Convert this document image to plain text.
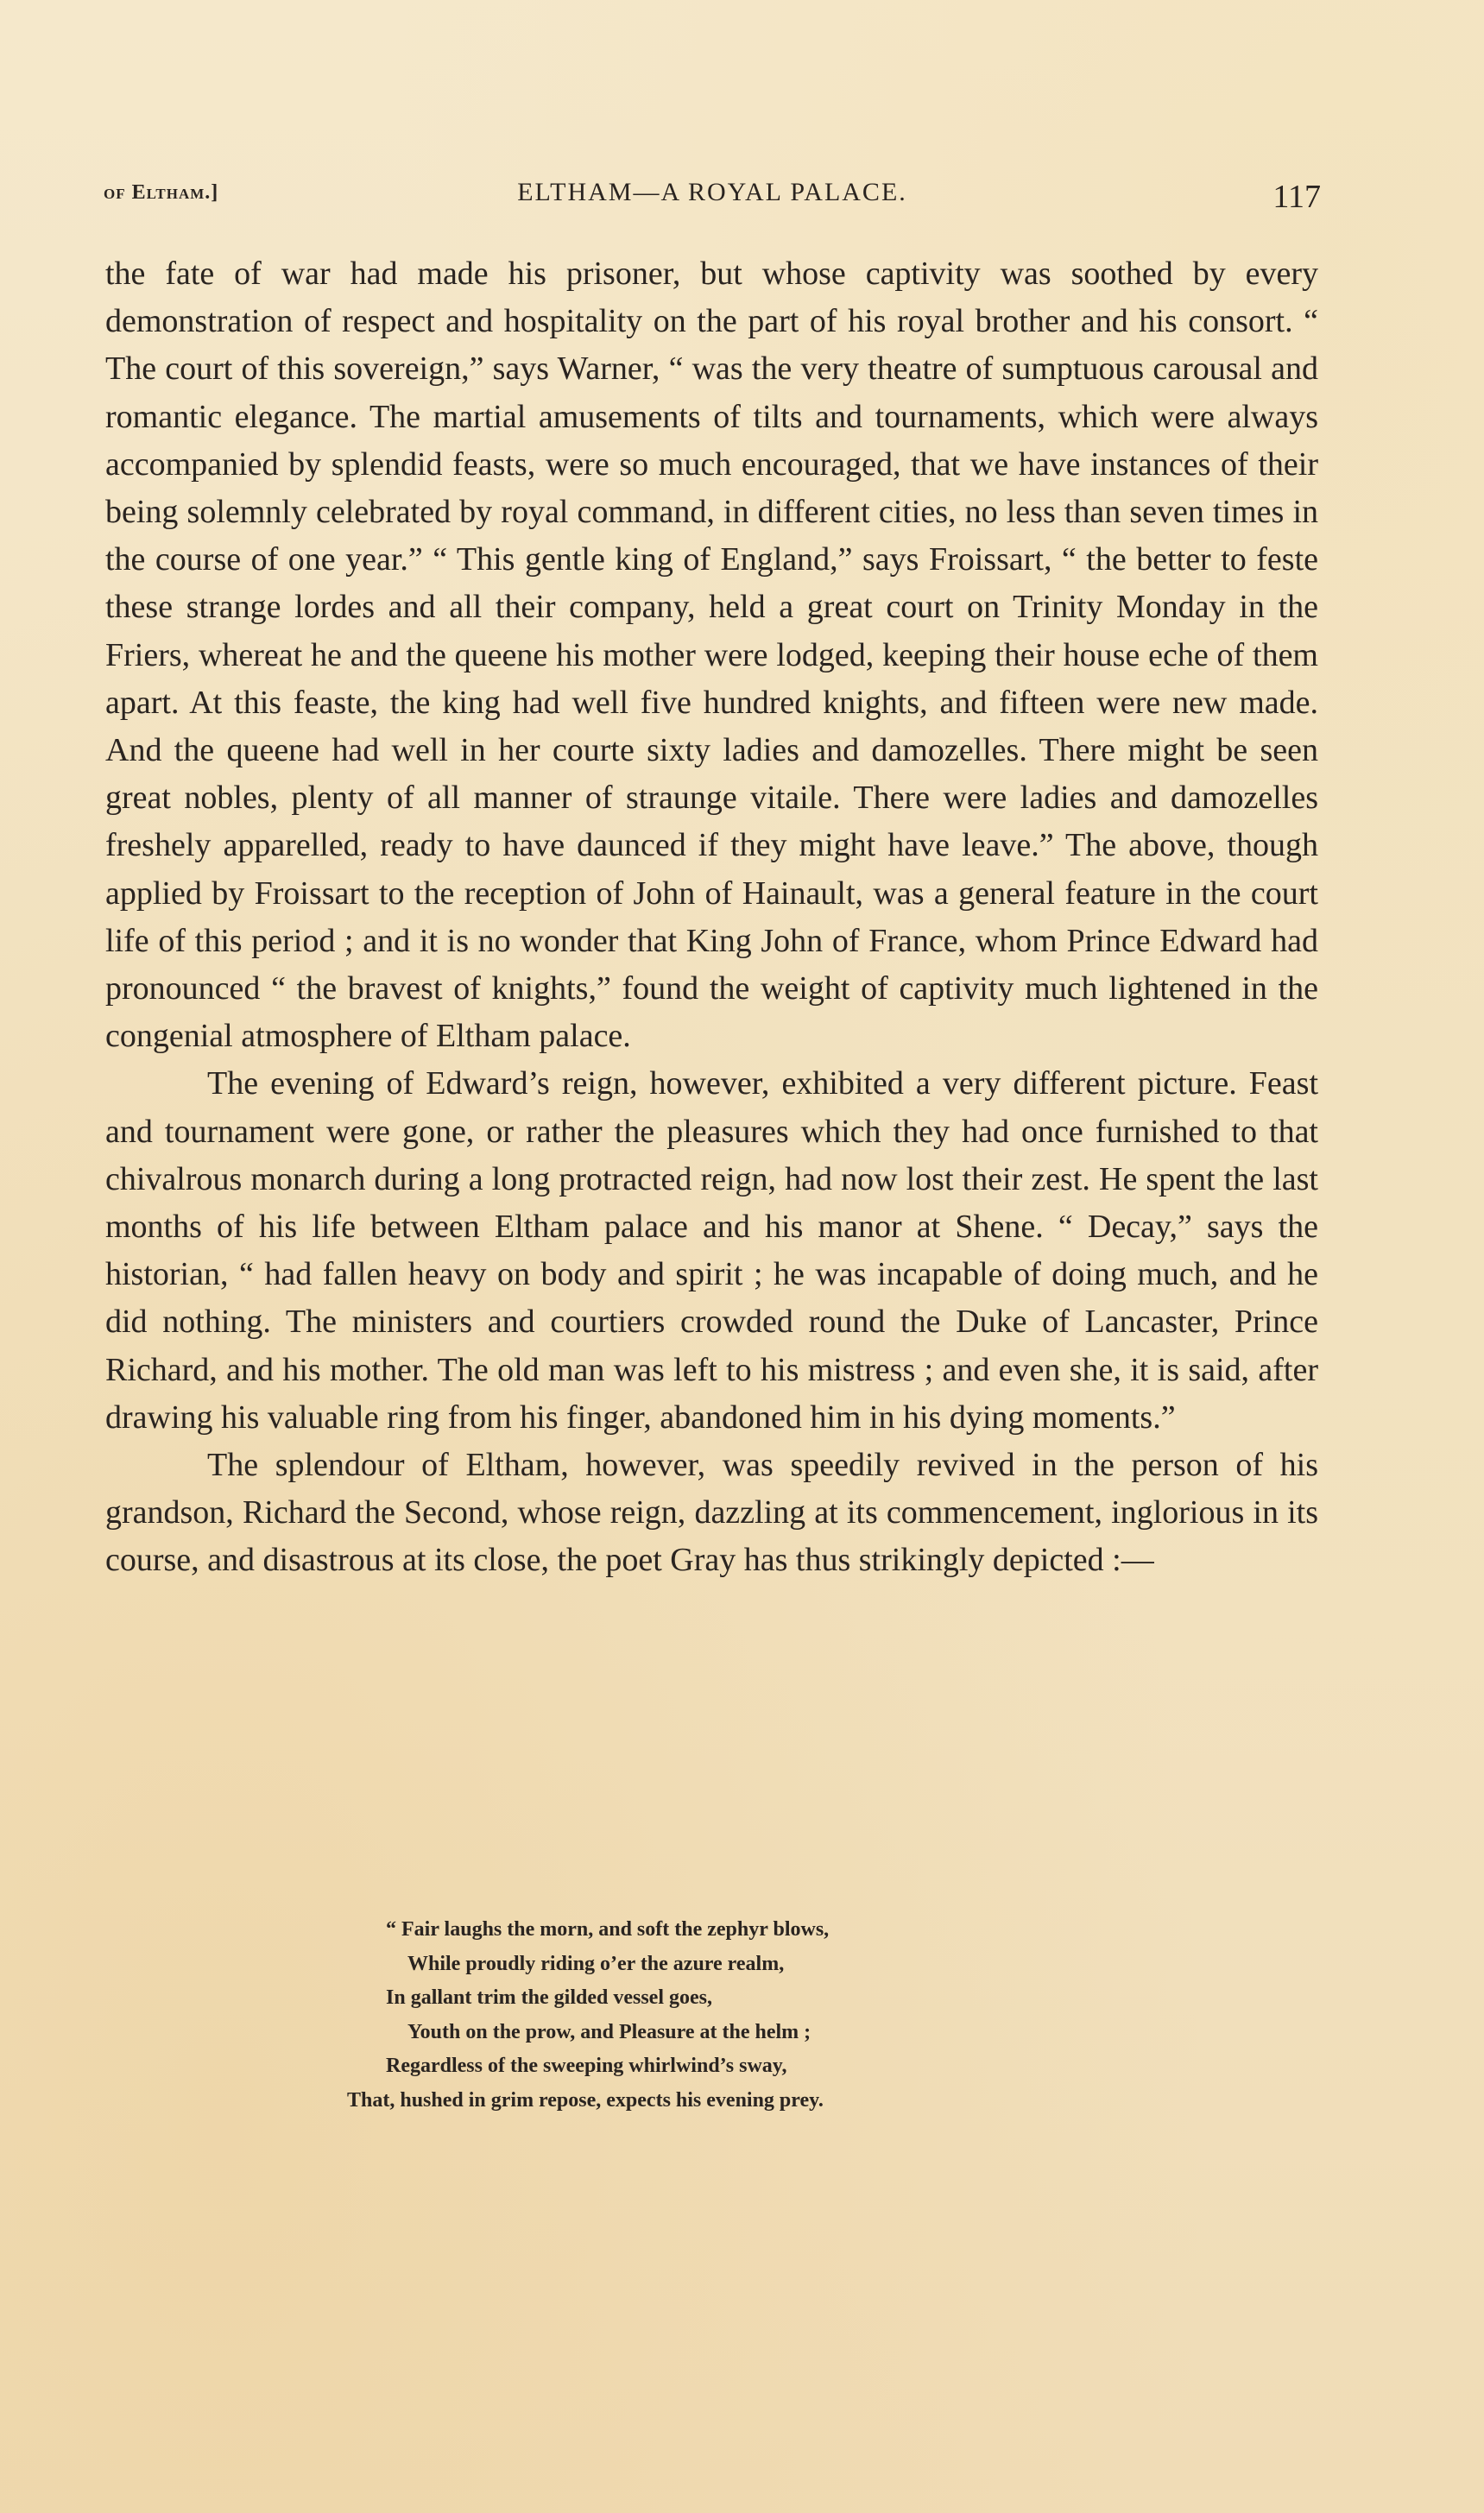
of Eltham.]	ELTHAM—A ROYAL PALACE.	117

the fate of war had made his prisoner, but whose captivity was soothed by every demonstration of respect and hospitality on the part of his royal brother and his consort. “ The court of this sovereign,” says Warner, “ was the very theatre of sumptuous carousal and romantic elegance. The martial amusements of tilts and tournaments, which were always accompanied by splendid feasts, were so much encouraged, that we have instances of their being solemnly celebrated by royal command, in different cities, no less than seven times in the course of one year.” “ This gentle king of England,” says Froissart, “ the better to feste these strange lordes and all their company, held a great court on Trinity Monday in the Friers, whereat he and the queene his mother were lodged, keeping their house eche of them apart. At this feaste, the king had well five hundred knights, and fifteen were new made. And the queene had well in her courte sixty ladies and damozelles. There might be seen great nobles, plenty of all manner of straunge vitaile. There were ladies and damozelles freshely apparelled, ready to have daunced if they might have leave.” The above, though applied by Froissart to the reception of John of Hainault, was a general feature in the court life of this period ; and it is no wonder that King John of France, whom Prince Edward had pronounced “ the bravest of knights,” found the weight of captivity much lightened in the congenial atmosphere of Eltham palace.

The evening of Edward’s reign, however, exhibited a very different picture. Feast and tournament were gone, or rather the pleasures which they had once furnished to that chivalrous monarch during a long protracted reign, had now lost their zest. He spent the last months of his life between Eltham palace and his manor at Shene. “ Decay,” says the historian, “ had fallen heavy on body and spirit ; he was incapable of doing much, and he did nothing. The ministers and courtiers crowded round the Duke of Lancaster, Prince Richard, and his mother. The old man was left to his mistress ; and even she, it is said, after drawing his valuable ring from his finger, abandoned him in his dying moments.”

The splendour of Eltham, however, was speedily revived in the person of his grandson, Richard the Second, whose reign, dazzling at its commencement, inglorious in its course, and disastrous at its close, the poet Gray has thus strikingly depicted :—

“ Fair laughs the morn, and soft the zephyr blows,
While proudly riding o’er the azure realm,
In gallant trim the gilded vessel goes,
Youth on the prow, and Pleasure at the helm ;
Regardless of the sweeping whirlwind’s sway,
That, hushed in grim repose, expects his evening prey.
